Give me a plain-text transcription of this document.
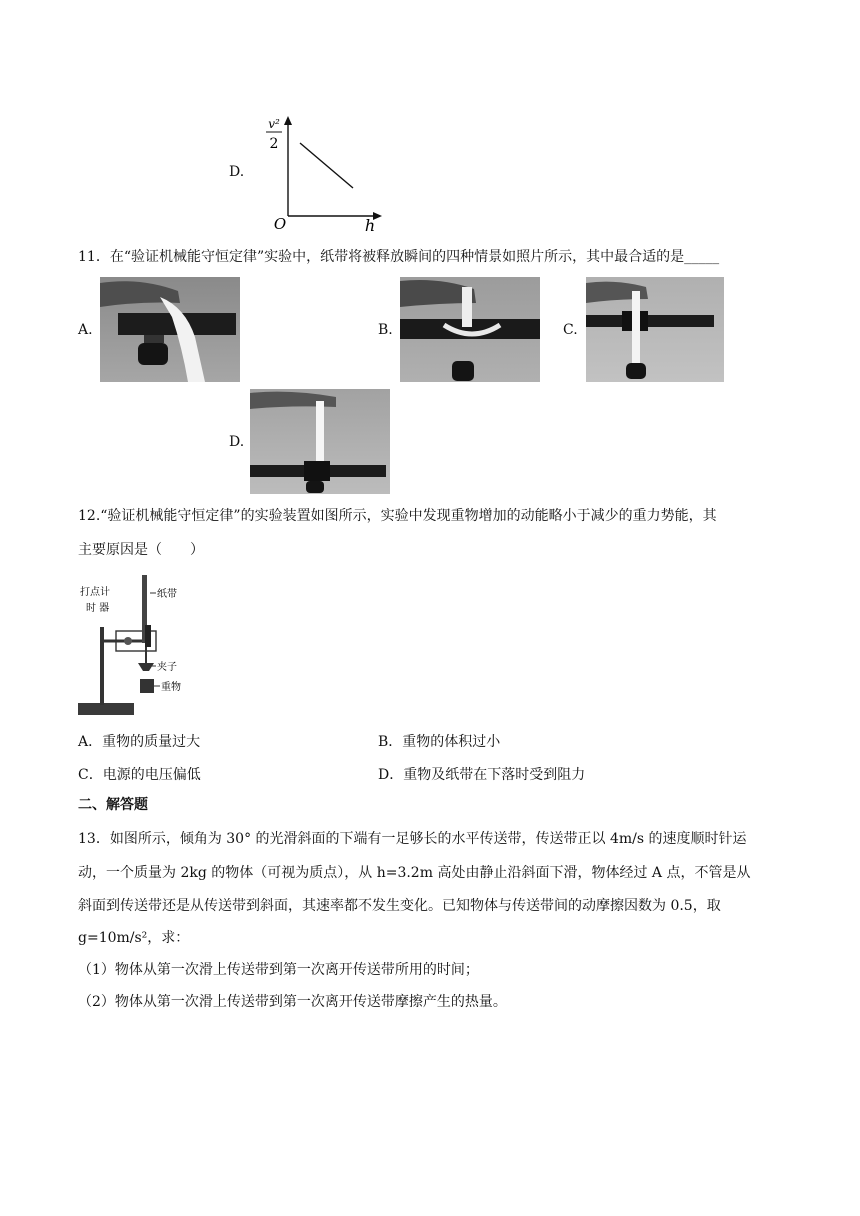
D.
v²
2
O	h
11．在“验证机械能守恒定律”实验中，纸带将被释放瞬间的四种情景如照片所示，其中最合适的是_____
A.	B.	C.
D.
12.“验证机械能守恒定律”的实验装置如图所示，实验中发现重物增加的动能略小于减少的重力势能，其
主要原因是（　　）
打点计
时 器
纸带
夹子
重物
A．重物的质量过大	B．重物的体积过小
C．电源的电压偏低	D．重物及纸带在下落时受到阻力
二、解答题
13．如图所示，倾角为 30° 的光滑斜面的下端有一足够长的水平传送带，传送带正以 4m/s 的速度顺时针运
动，一个质量为 2kg 的物体（可视为质点），从 h=3.2m 高处由静止沿斜面下滑，物体经过 A 点，不管是从
斜面到传送带还是从传送带到斜面，其速率都不发生变化。已知物体与传送带间的动摩擦因数为 0.5，取
g=10m/s²，求：
（1）物体从第一次滑上传送带到第一次离开传送带所用的时间；
（2）物体从第一次滑上传送带到第一次离开传送带摩擦产生的热量。
